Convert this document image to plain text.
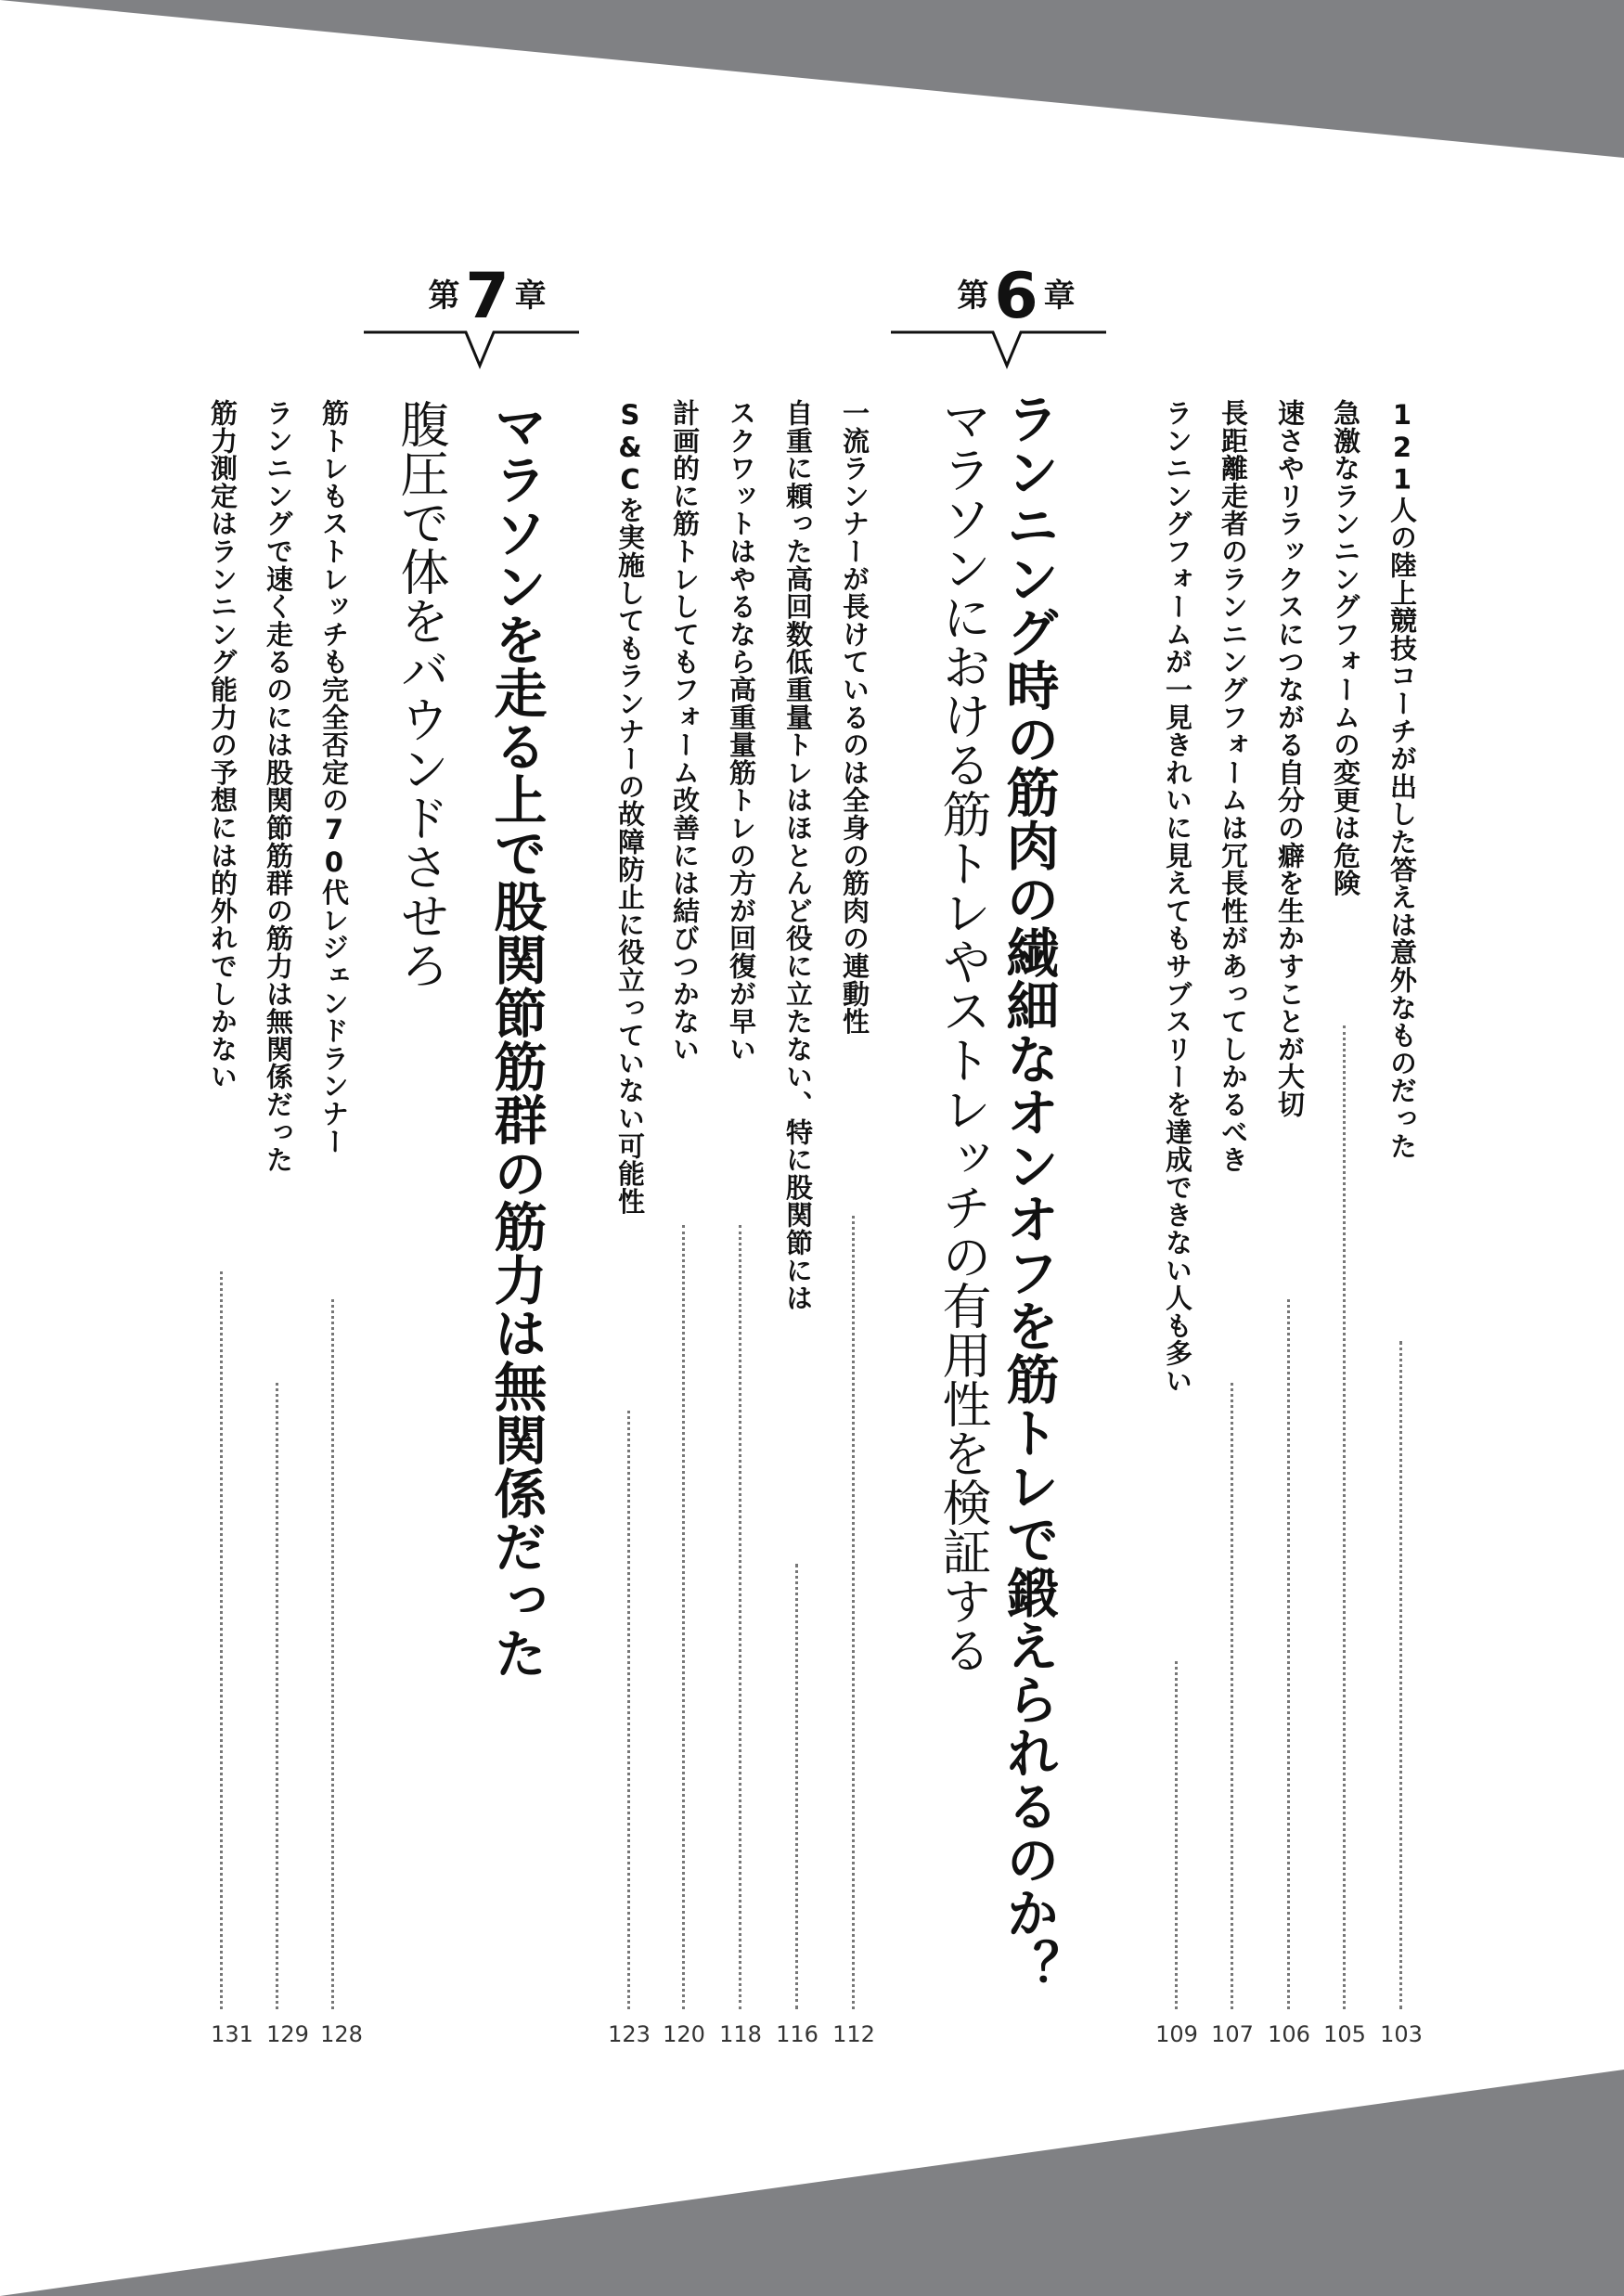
第6 章
ランニング時の筋肉の繊細なオンオフを筋トレで鍛えられるのか？
マラソンにおける筋トレやストレッチの有用性を検証する	121人の陸上競技コーチが出した答えは意外なものだった
103
急激なランニングフォームの変更は危険
105
速さやリラックスにつながる自分の癖を生かすことが大切
106
長距離走者のランニングフォームは冗長性があってしかるべき
107
ランニングフォームが一見きれいに見えてもサブスリーを達成できない人も多い
109
一流ランナーが長けているのは全身の筋肉の連動性
112
自重に頼った高回数低重量トレはほとんど役に立たない、特に股関節には
116
スクワットはやるなら高重量筋トレの方が回復が早い
118
計画的に筋トレしてもフォーム改善には結びつかない
120
S&Cを実施してもランナーの故障防止に役立っていない可能性
123
第7 章
マラソンを走る上で股関節筋群の筋力は無関係だった
腹圧で体をバウンドさせろ
筋トレもストレッチも完全否定の70代レジェンドランナー
128
ランニングで速く走るのには股関節筋群の筋力は無関係だった
129
筋力測定はランニング能力の予想には的外れでしかない
131
